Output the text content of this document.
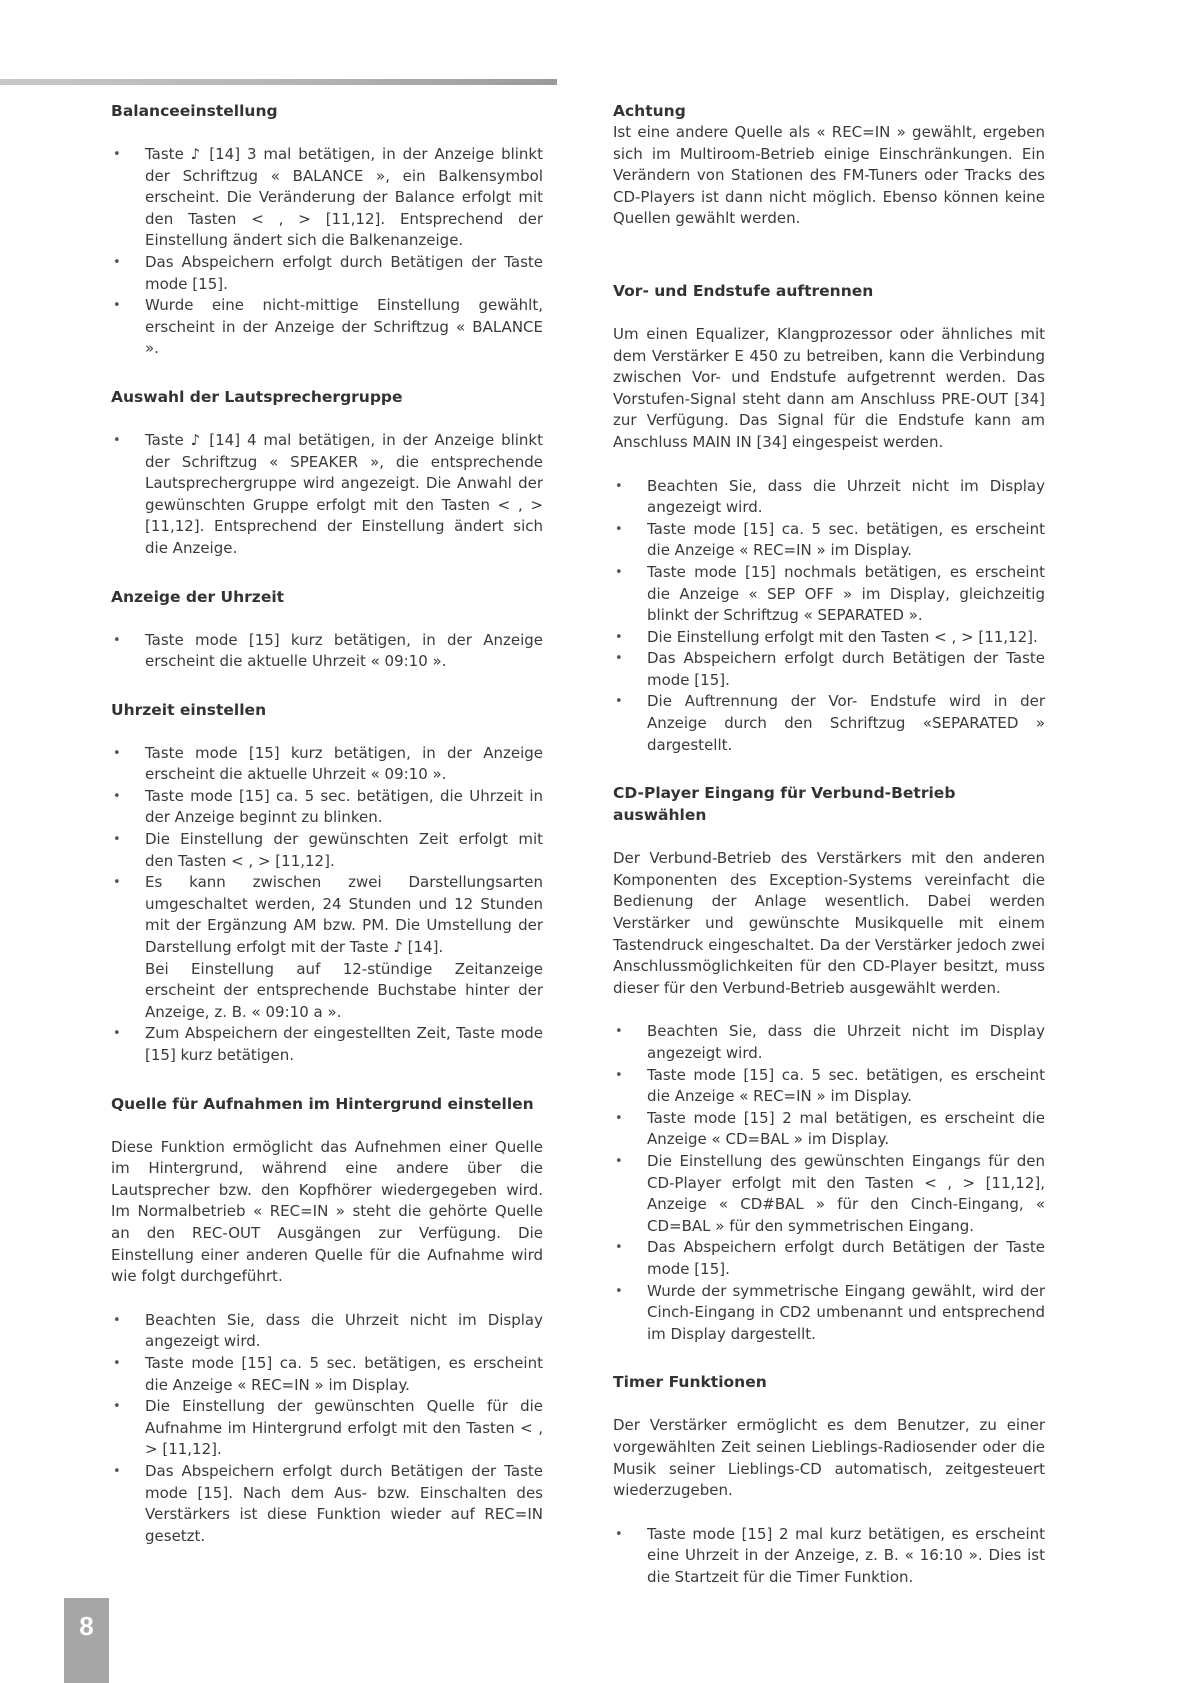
Balanceeinstellung
• Taste ♪ [14] 3 mal betätigen, in der Anzeige blinkt der Schriftzug « BALANCE », ein Balkensymbol erscheint. Die Veränderung der Balance erfolgt mit den Tasten < , > [11,12]. Entsprechend der Einstellung ändert sich die Balkenanzeige.
• Das Abspeichern erfolgt durch Betätigen der Taste mode [15].
• Wurde eine nicht-mittige Einstellung gewählt, erscheint in der Anzeige der Schriftzug « BALANCE ».
Auswahl der Lautsprechergruppe
• Taste ♪ [14] 4 mal betätigen, in der Anzeige blinkt der Schriftzug « SPEAKER », die entsprechende Lautsprechergruppe wird angezeigt. Die Anwahl der gewünschten Gruppe erfolgt mit den Tasten < , > [11,12]. Entsprechend der Einstellung ändert sich die Anzeige.
Anzeige der Uhrzeit
• Taste mode [15] kurz betätigen, in der Anzeige erscheint die aktuelle Uhrzeit « 09:10 ».
Uhrzeit einstellen
• Taste mode [15] kurz betätigen, in der Anzeige erscheint die aktuelle Uhrzeit « 09:10 ».
• Taste mode [15] ca. 5 sec. betätigen, die Uhrzeit in der Anzeige beginnt zu blinken.
• Die Einstellung der gewünschten Zeit erfolgt mit den Tasten < , > [11,12].
• Es kann zwischen zwei Darstellungsarten umgeschaltet werden, 24 Stunden und 12 Stunden mit der Ergänzung AM bzw. PM. Die Umstellung der Darstellung erfolgt mit der Taste ♪ [14].
Bei Einstellung auf 12-stündige Zeitanzeige erscheint der entsprechende Buchstabe hinter der Anzeige, z. B. « 09:10 a ».
• Zum Abspeichern der eingestellten Zeit, Taste mode [15] kurz betätigen.
Quelle für Aufnahmen im Hintergrund einstellen

Diese Funktion ermöglicht das Aufnehmen einer Quelle im Hintergrund, während eine andere über die Lautsprecher bzw. den Kopfhörer wiedergegeben wird. Im Normalbetrieb « REC=IN » steht die gehörte Quelle an den REC-OUT Ausgängen zur Verfügung. Die Einstellung einer anderen Quelle für die Aufnahme wird wie folgt durchgeführt.

• Beachten Sie, dass die Uhrzeit nicht im Display angezeigt wird.
• Taste mode [15] ca. 5 sec. betätigen, es erscheint die Anzeige « REC=IN » im Display.
• Die Einstellung der gewünschten Quelle für die Aufnahme im Hintergrund erfolgt mit den Tasten < , > [11,12].
• Das Abspeichern erfolgt durch Betätigen der Taste mode [15]. Nach dem Aus- bzw. Einschalten des Verstärkers ist diese Funktion wieder auf REC=IN gesetzt.
Achtung

Ist eine andere Quelle als « REC=IN » gewählt, ergeben sich im Multiroom-Betrieb einige Einschränkungen. Ein Verändern von Stationen des FM-Tuners oder Tracks des CD-Players ist dann nicht möglich. Ebenso können keine Quellen gewählt werden.

Vor- und Endstufe auftrennen

Um einen Equalizer, Klangprozessor oder ähnliches mit dem Verstärker E 450 zu betreiben, kann die Verbindung zwischen Vor- und Endstufe aufgetrennt werden. Das Vorstufen-Signal steht dann am Anschluss PRE-OUT [34] zur Verfügung. Das Signal für die Endstufe kann am Anschluss MAIN IN [34] eingespeist werden.

• Beachten Sie, dass die Uhrzeit nicht im Display angezeigt wird.
• Taste mode [15] ca. 5 sec. betätigen, es erscheint die Anzeige « REC=IN » im Display.
• Taste mode [15] nochmals betätigen, es erscheint die Anzeige « SEP OFF » im Display, gleichzeitig blinkt der Schriftzug « SEPARATED ».
• Die Einstellung erfolgt mit den Tasten < , > [11,12].
• Das Abspeichern erfolgt durch Betätigen der Taste mode [15].
• Die Auftrennung der Vor- Endstufe wird in der Anzeige durch den Schriftzug «SEPARATED » dargestellt.
CD-Player Eingang für Verbund-Betrieb auswählen

Der Verbund-Betrieb des Verstärkers mit den anderen Komponenten des Exception-Systems vereinfacht die Bedienung der Anlage wesentlich. Dabei werden Verstärker und gewünschte Musikquelle mit einem Tastendruck eingeschaltet. Da der Verstärker jedoch zwei Anschlussmöglichkeiten für den CD-Player besitzt, muss dieser für den Verbund-Betrieb ausgewählt werden.

• Beachten Sie, dass die Uhrzeit nicht im Display angezeigt wird.
• Taste mode [15] ca. 5 sec. betätigen, es erscheint die Anzeige « REC=IN » im Display.
• Taste mode [15] 2 mal betätigen, es erscheint die Anzeige « CD=BAL » im Display.
• Die Einstellung des gewünschten Eingangs für den CD-Player erfolgt mit den Tasten < , > [11,12], Anzeige « CD#BAL » für den Cinch-Eingang, « CD=BAL » für den symmetrischen Eingang.
• Das Abspeichern erfolgt durch Betätigen der Taste mode [15].
• Wurde der symmetrische Eingang gewählt, wird der Cinch-Eingang in CD2 umbenannt und entsprechend im Display dargestellt.
Timer Funktionen

Der Verstärker ermöglicht es dem Benutzer, zu einer vorgewählten Zeit seinen Lieblings-Radiosender oder die Musik seiner Lieblings-CD automatisch, zeitgesteuert wiederzugeben.

• Taste mode [15] 2 mal kurz betätigen, es erscheint eine Uhrzeit in der Anzeige, z. B. « 16:10 ». Dies ist die Startzeit für die Timer Funktion.
8
